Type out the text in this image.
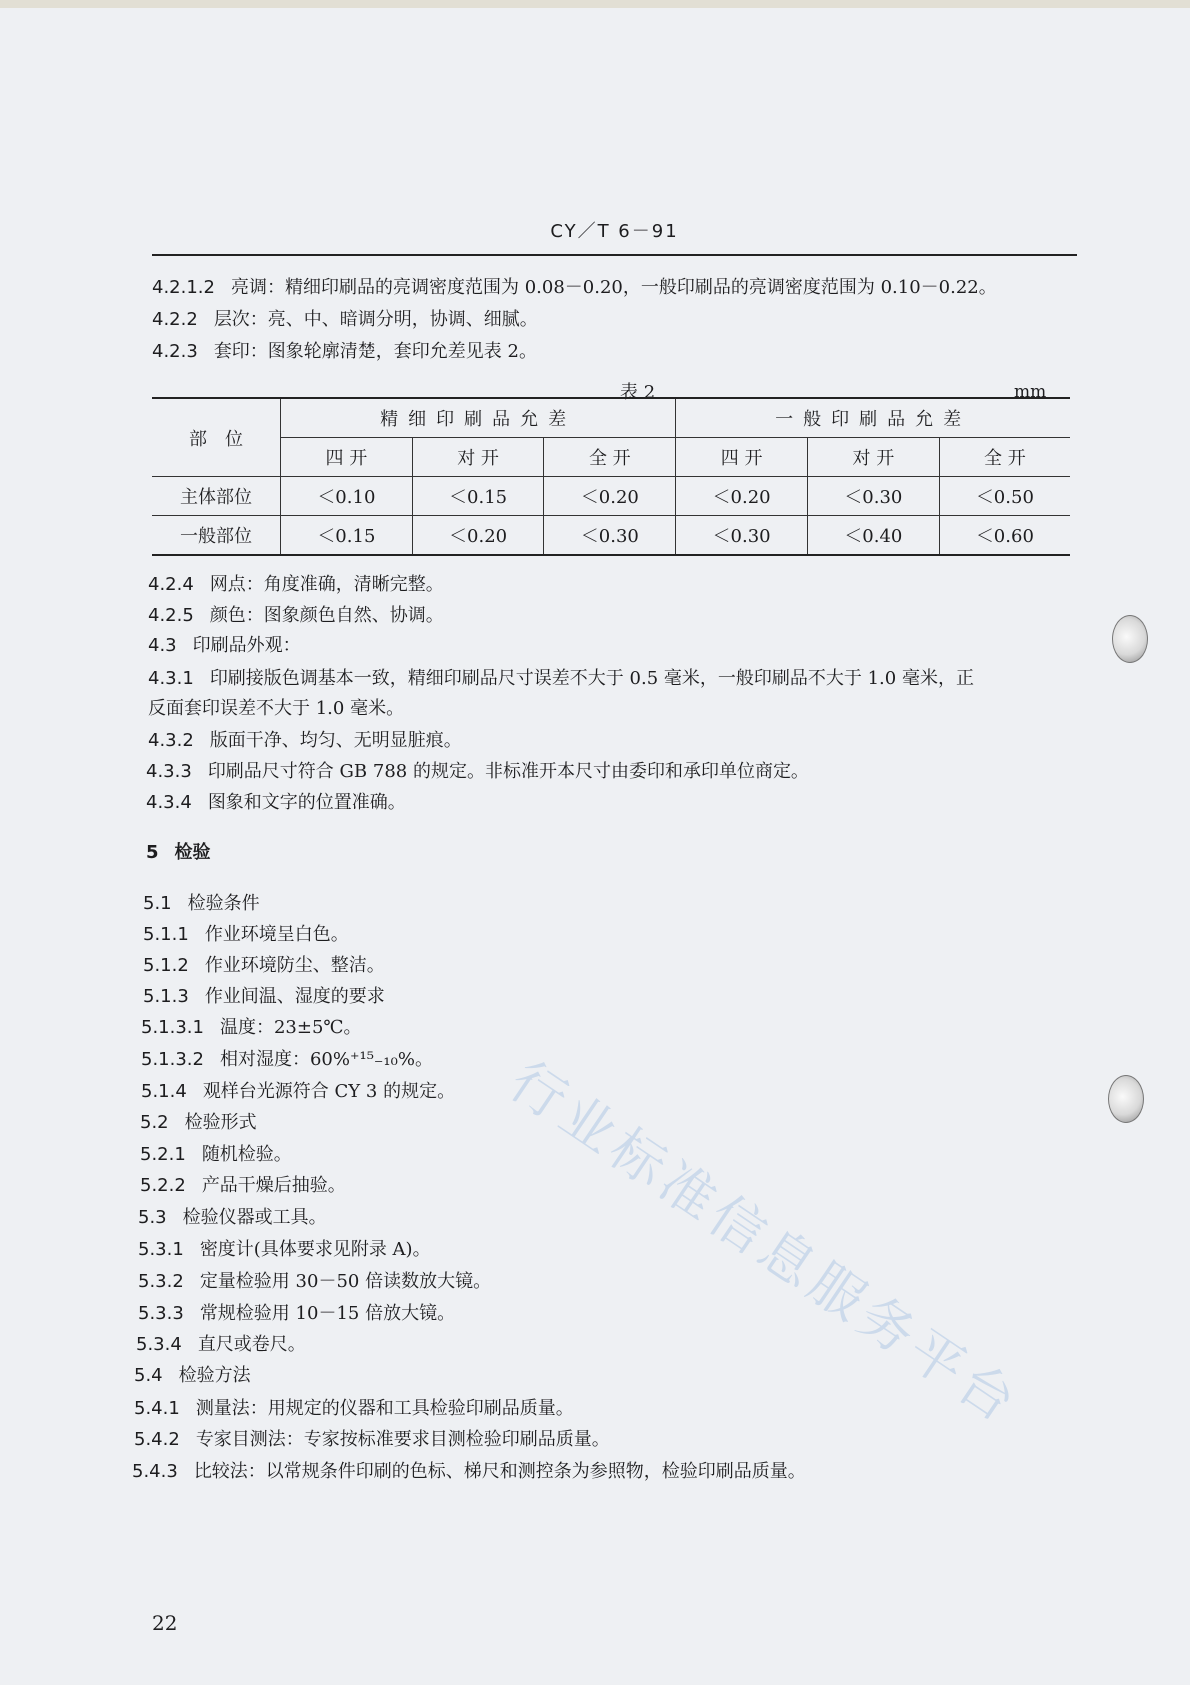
CY／T 6－91
4.2.1.2 亮调：精细印刷品的亮调密度范围为 0.08－0.20，一般印刷品的亮调密度范围为 0.10－0.22。
4.2.2 层次：亮、中、暗调分明，协调、细腻。
4.2.3 套印：图象轮廓清楚，套印允差见表 2。
表 2	mm
部　位	精细印刷品允差			一般印刷品允差		
	四 开	对 开	全 开	四 开	对 开	全 开
主体部位	＜0.10	＜0.15	＜0.20	＜0.20	＜0.30	＜0.50
一般部位	＜0.15	＜0.20	＜0.30	＜0.30	＜0.40	＜0.60
4.2.4 网点：角度准确，清晰完整。
4.2.5 颜色：图象颜色自然、协调。
4.3 印刷品外观：
4.3.1 印刷接版色调基本一致，精细印刷品尺寸误差不大于 0.5 毫米，一般印刷品不大于 1.0 毫米，正
反面套印误差不大于 1.0 毫米。
4.3.2 版面干净、均匀、无明显脏痕。
4.3.3 印刷品尺寸符合 GB 788 的规定。非标准开本尺寸由委印和承印单位商定。
4.3.4 图象和文字的位置准确。
5 检验
5.1 检验条件
5.1.1 作业环境呈白色。
5.1.2 作业环境防尘、整洁。
5.1.3 作业间温、湿度的要求
5.1.3.1 温度：23±5℃。
5.1.3.2 相对湿度：60%⁺¹⁵₋₁₀%。
5.1.4 观样台光源符合 CY 3 的规定。
5.2 检验形式
5.2.1 随机检验。
5.2.2 产品干燥后抽验。
5.3 检验仪器或工具。
5.3.1 密度计(具体要求见附录 A)。
5.3.2 定量检验用 30－50 倍读数放大镜。
5.3.3 常规检验用 10－15 倍放大镜。
5.3.4 直尺或卷尺。
5.4 检验方法
5.4.1 测量法：用规定的仪器和工具检验印刷品质量。
5.4.2 专家目测法：专家按标准要求目测检验印刷品质量。
5.4.3 比较法：以常规条件印刷的色标、梯尺和测控条为参照物，检验印刷品质量。
行业标准信息服务平台
22
